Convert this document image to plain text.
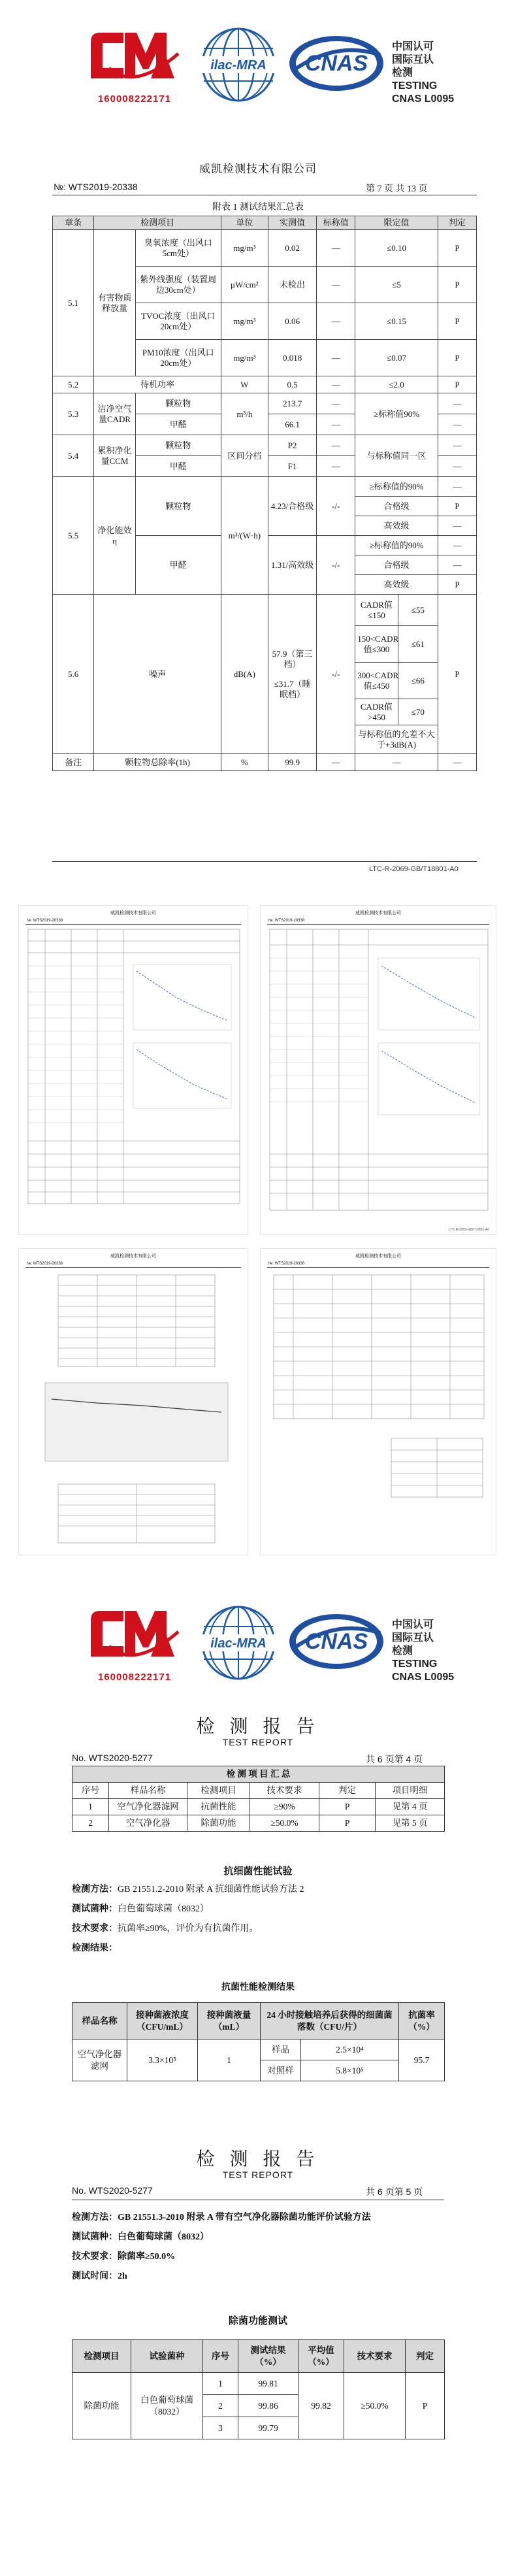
160008222171
ilac-MRA CNAS
中国认可
国际互认
检测
TESTING
CNAS L0095
威凯检测技术有限公司
№: WTS2019-20338	第 7 页 共 13 页
附表 1 测试结果汇总表
章条	检测项目		单位	实测值	标称值	限定值		判定
5.1	有害物质释放量	臭氧浓度（出风口5cm处）	mg/m³	0.02	—	≤0.10		P
		紫外线强度（装置周边30cm处）	μW/cm²	未检出	—	≤5		P
		TVOC浓度（出风口20cm处）	mg/m³	0.06	—	≤0.15		P
		PM10浓度（出风口20cm处）	mg/m³	0.018	—	≤0.07		P
5.2	待机功率		W	0.5	—	≤2.0		P
5.3	洁净空气量CADR	颗粒物	m³/h	213.7	—	≥标称值90%		—
		甲醛		66.1	—			—
5.4	累积净化量CCM	颗粒物	区间分档	P2	—	与标称值同一区		—
		甲醛		F1	—			—
5.5	净化能效η	颗粒物	m³/(W·h)	4.23/合格级	-/-	≥标称值的90%		—
						合格级		P
						高效级		—
		甲醛		1.31/高效级	-/-	≥标称值的90%		—
						合格级		—
						高效级		P
5.6	噪声		dB(A)	57.9（第三档）
≤31.7（睡眠档）	-/-	CADR值≤150	≤55	P
						150<CADR值≤300	≤61	
						300<CADR值≤450	≤66	
						CADR值>450	≤70	
						与标称值的允差不大于+3dB(A)		
备注	颗粒物总除率(1h)		%	99.9	—	—		—
LTC-R-2069-GB/T18801-A0
威凯检测技术有限公司
№: WTS2019-20338
威凯检测技术有限公司
№: WTS2019-20338
LTC-R-2069-GB/T18801-A0
威凯检测技术有限公司
№: WTS2019-20338
威凯检测技术有限公司
№: WTS2019-20338
160008222171
ilac-MRA CNAS
中国认可
国际互认
检测
TESTING
CNAS L0095
检 测 报 告
TEST REPORT
No. WTS2020-5277	共 6 页第 4 页
检 测 项 目 汇 总					
序号	样品名称	检测项目	技术要求	判定	项目明细
1	空气净化器滤网	抗菌性能	≥90%	P	见第 4 页
2	空气净化器	除菌功能	≥50.0%	P	见第 5 页
抗细菌性能试验
检测方法：GB 21551.2-2010 附录 A 抗细菌性能试验方法 2
测试菌种：白色葡萄球菌（8032）
技术要求：抗菌率≥90%，评价为有抗菌作用。
检测结果：
抗菌性能检测结果
样品名称	接种菌液浓度（CFU/mL）	接种菌液量（mL）	24 小时接触培养后获得的细菌菌落数（CFU/片）		抗菌率（%）
空气净化器滤网	3.3×10⁵	1	样品	2.5×10⁴	95.7
			对照样	5.8×10⁵	
检 测 报 告
TEST REPORT
No. WTS2020-5277	共 6 页第 5 页
检测方法：GB 21551.3-2010 附录 A 带有空气净化器除菌功能评价试验方法
测试菌种：白色葡萄球菌（8032）
技术要求：除菌率≥50.0%
测试时间：2h
除菌功能测试
检测项目	试验菌种	序号	测试结果（%）	平均值（%）	技术要求	判定
除菌功能	白色葡萄球菌（8032）	1	99.81	99.82	≥50.0%	P
		2	99.86			
		3	99.79			
